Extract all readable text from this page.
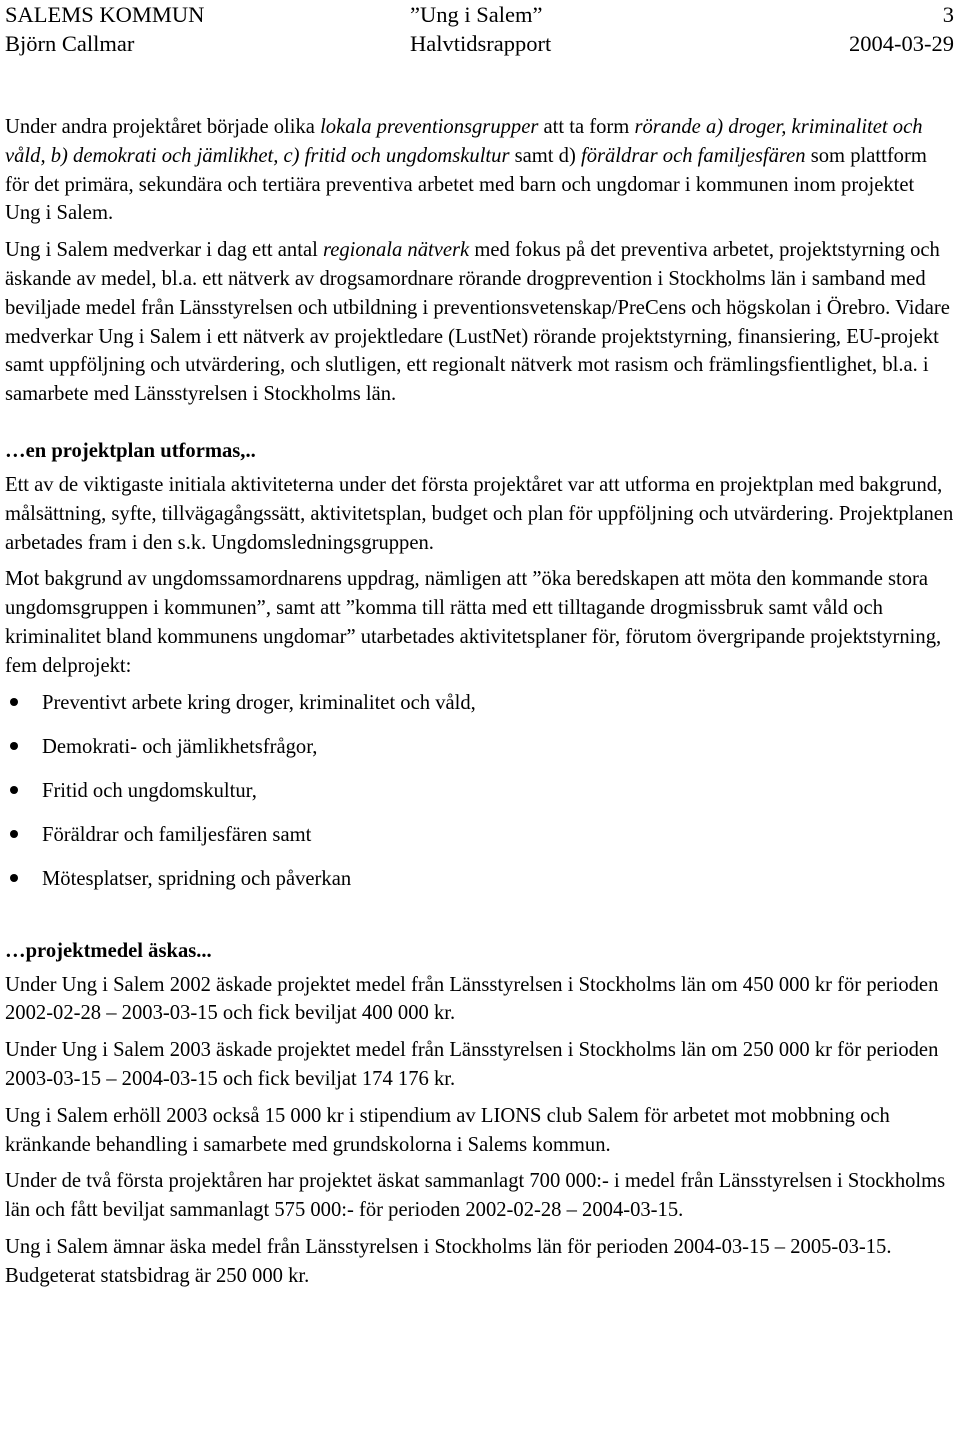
SALEMS KOMMUN	”Ung i Salem”	3
Björn Callmar	Halvtidsrapport	2004-03-29

Under andra projektåret började olika lokala preventionsgrupper att ta form rörande a) droger, kriminalitet och våld, b) demokrati och jämlikhet, c) fritid och ungdomskultur samt d) föräldrar och familjesfären som plattform för det primära, sekundära och tertiära preventiva arbetet med barn och ungdomar i kommunen inom projektet Ung i Salem.

Ung i Salem medverkar i dag ett antal regionala nätverk med fokus på det preventiva arbetet, projektstyrning och äskande av medel, bl.a. ett nätverk av drogsamordnare rörande drogprevention i Stockholms län i samband med beviljade medel från Länsstyrelsen och utbildning i preventionsvetenskap/PreCens och högskolan i Örebro. Vidare medverkar Ung i Salem i ett nätverk av projektledare (LustNet) rörande projektstyrning, finansiering, EU-projekt samt uppföljning och utvärdering, och slutligen, ett regionalt nätverk mot rasism och främlingsfientlighet, bl.a. i samarbete med Länsstyrelsen i Stockholms län.

…en projektplan utformas,..

Ett av de viktigaste initiala aktiviteterna under det första projektåret var att utforma en projektplan med bakgrund, målsättning, syfte, tillvägagångssätt, aktivitetsplan, budget och plan för uppföljning och utvärdering. Projektplanen arbetades fram i den s.k. Ungdomsledningsgruppen.

Mot bakgrund av ungdomssamordnarens uppdrag, nämligen att ”öka beredskapen att möta den kommande stora ungdomsgruppen i kommunen”, samt att ”komma till rätta med ett tilltagande drogmissbruk samt våld och kriminalitet bland kommunens ungdomar” utarbetades aktivitetsplaner för, förutom övergripande projektstyrning, fem delprojekt:

Preventivt arbete kring droger, kriminalitet och våld,
Demokrati- och jämlikhetsfrågor,
Fritid och ungdomskultur,
Föräldrar och familjesfären samt
Mötesplatser, spridning och påverkan
…projektmedel äskas...

Under Ung i Salem 2002 äskade projektet medel från Länsstyrelsen i Stockholms län om 450 000 kr för perioden 2002-02-28 – 2003-03-15 och fick beviljat 400 000 kr.

Under Ung i Salem 2003 äskade projektet medel från Länsstyrelsen i Stockholms län om 250 000 kr för perioden 2003-03-15 – 2004-03-15 och fick beviljat 174 176 kr.

Ung i Salem erhöll 2003 också 15 000 kr i stipendium av LIONS club Salem för arbetet mot mobbning och kränkande behandling i samarbete med grundskolorna i Salems kommun.

Under de två första projektåren har projektet äskat sammanlagt 700 000:- i medel från Länsstyrelsen i Stockholms län och fått beviljat sammanlagt 575 000:- för perioden 2002-02-28 – 2004-03-15.

Ung i Salem ämnar äska medel från Länsstyrelsen i Stockholms län för perioden 2004-03-15 – 2005-03-15. Budgeterat statsbidrag är 250 000 kr.
